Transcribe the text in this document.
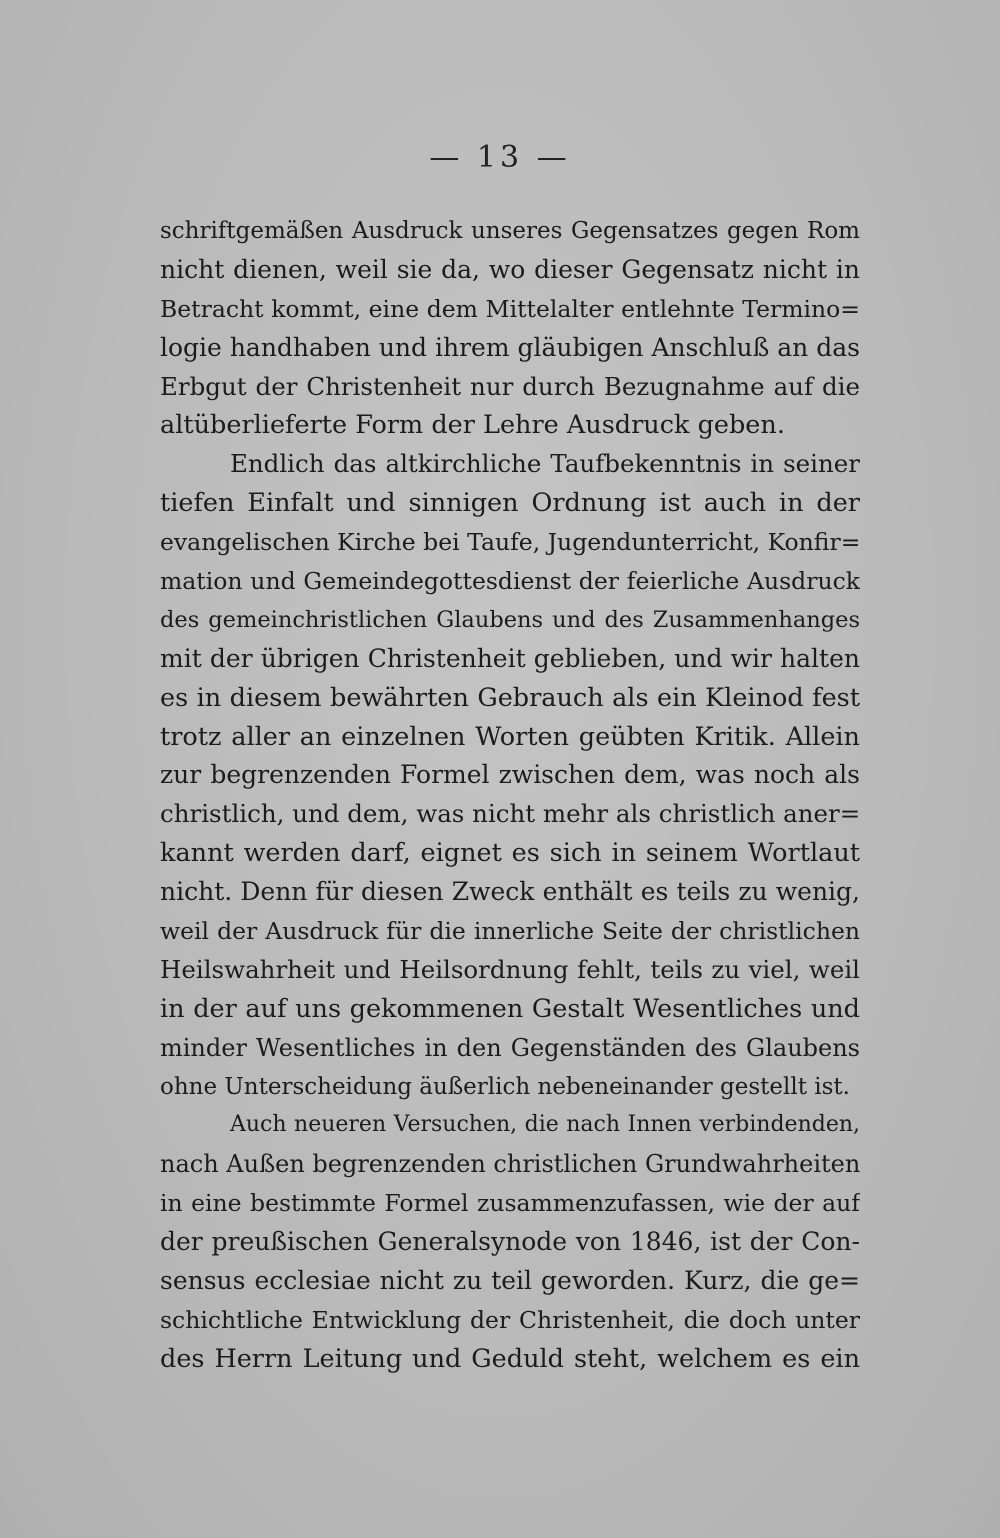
— 13 —
schriftgemäßen Ausdruck unseres Gegensatzes gegen Rom
nicht dienen, weil sie da, wo dieser Gegensatz nicht in
Betracht kommt, eine dem Mittelalter entlehnte Termino=
logie handhaben und ihrem gläubigen Anschluß an das
Erbgut der Christenheit nur durch Bezugnahme auf die
altüberlieferte Form der Lehre Ausdruck geben.
Endlich das altkirchliche Taufbekenntnis in seiner
tiefen Einfalt und sinnigen Ordnung ist auch in der
evangelischen Kirche bei Taufe, Jugendunterricht, Konfir=
mation und Gemeindegottesdienst der feierliche Ausdruck
des gemeinchristlichen Glaubens und des Zusammenhanges
mit der übrigen Christenheit geblieben, und wir halten
es in diesem bewährten Gebrauch als ein Kleinod fest
trotz aller an einzelnen Worten geübten Kritik. Allein
zur begrenzenden Formel zwischen dem, was noch als
christlich, und dem, was nicht mehr als christlich aner=
kannt werden darf, eignet es sich in seinem Wortlaut
nicht. Denn für diesen Zweck enthält es teils zu wenig,
weil der Ausdruck für die innerliche Seite der christlichen
Heilswahrheit und Heilsordnung fehlt, teils zu viel, weil
in der auf uns gekommenen Gestalt Wesentliches und
minder Wesentliches in den Gegenständen des Glaubens
ohne Unterscheidung äußerlich nebeneinander gestellt ist.
Auch neueren Versuchen, die nach Innen verbindenden,
nach Außen begrenzenden christlichen Grundwahrheiten
in eine bestimmte Formel zusammenzufassen, wie der auf
der preußischen Generalsynode von 1846, ist der Con-
sensus ecclesiae nicht zu teil geworden. Kurz, die ge=
schichtliche Entwicklung der Christenheit, die doch unter
des Herrn Leitung und Geduld steht, welchem es ein
